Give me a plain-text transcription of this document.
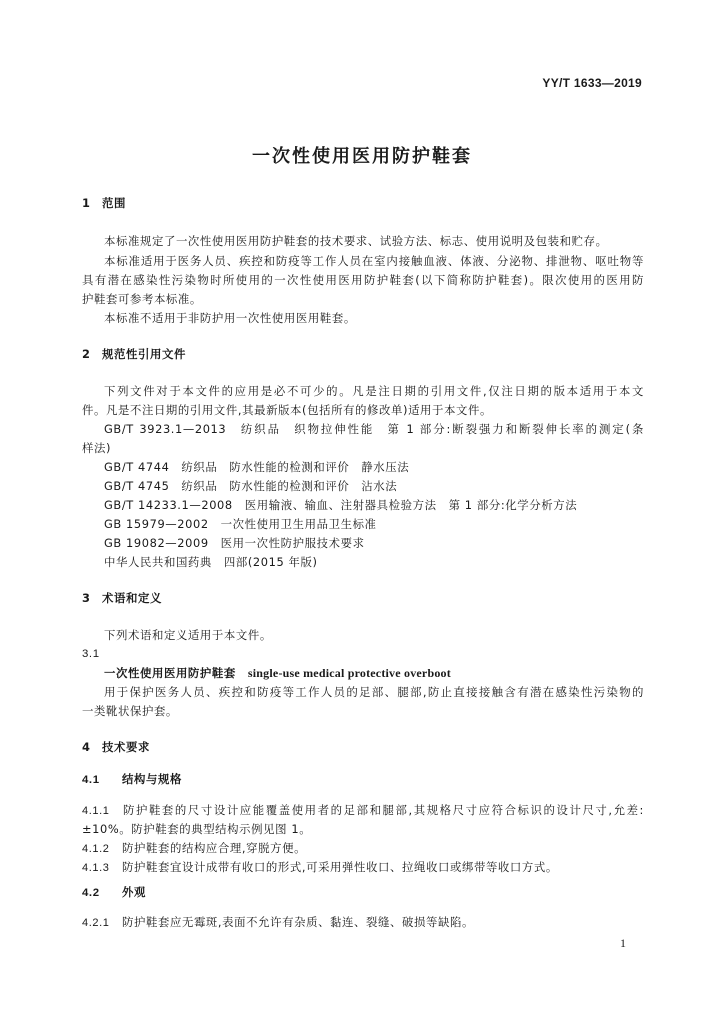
YY/T 1633—2019
一次性使用医用防护鞋套
1 范围
本标准规定了一次性使用医用防护鞋套的技术要求、试验方法、标志、使用说明及包装和贮存。
本标准适用于医务人员、疾控和防疫等工作人员在室内接触血液、体液、分泌物、排泄物、呕吐物等
具有潜在感染性污染物时所使用的一次性使用医用防护鞋套(以下简称防护鞋套)。限次使用的医用防
护鞋套可参考本标准。
本标准不适用于非防护用一次性使用医用鞋套。
2 规范性引用文件
下列文件对于本文件的应用是必不可少的。凡是注日期的引用文件,仅注日期的版本适用于本文
件。凡是不注日期的引用文件,其最新版本(包括所有的修改单)适用于本文件。
GB/T 3923.1—2013　纺织品　织物拉伸性能　第 1 部分:断裂强力和断裂伸长率的测定(条
样法)
GB/T 4744　纺织品　防水性能的检测和评价　静水压法
GB/T 4745　纺织品　防水性能的检测和评价　沾水法
GB/T 14233.1—2008　医用输液、输血、注射器具检验方法　第 1 部分:化学分析方法
GB 15979—2002　一次性使用卫生用品卫生标准
GB 19082—2009　医用一次性防护服技术要求
中华人民共和国药典　四部(2015 年版)
3 术语和定义
下列术语和定义适用于本文件。
3.1
一次性使用医用防护鞋套 single-use medical protective overboot
用于保护医务人员、疾控和防疫等工作人员的足部、腿部,防止直接接触含有潜在感染性污染物的
一类靴状保护套。
4 技术要求
4.1 结构与规格
4.1.1 防护鞋套的尺寸设计应能覆盖使用者的足部和腿部,其规格尺寸应符合标识的设计尺寸,允差:
±10%。防护鞋套的典型结构示例见图 1。
4.1.2 防护鞋套的结构应合理,穿脱方便。
4.1.3 防护鞋套宜设计成带有收口的形式,可采用弹性收口、拉绳收口或绑带等收口方式。
4.2 外观
4.2.1 防护鞋套应无霉斑,表面不允许有杂质、黏连、裂缝、破损等缺陷。
1
